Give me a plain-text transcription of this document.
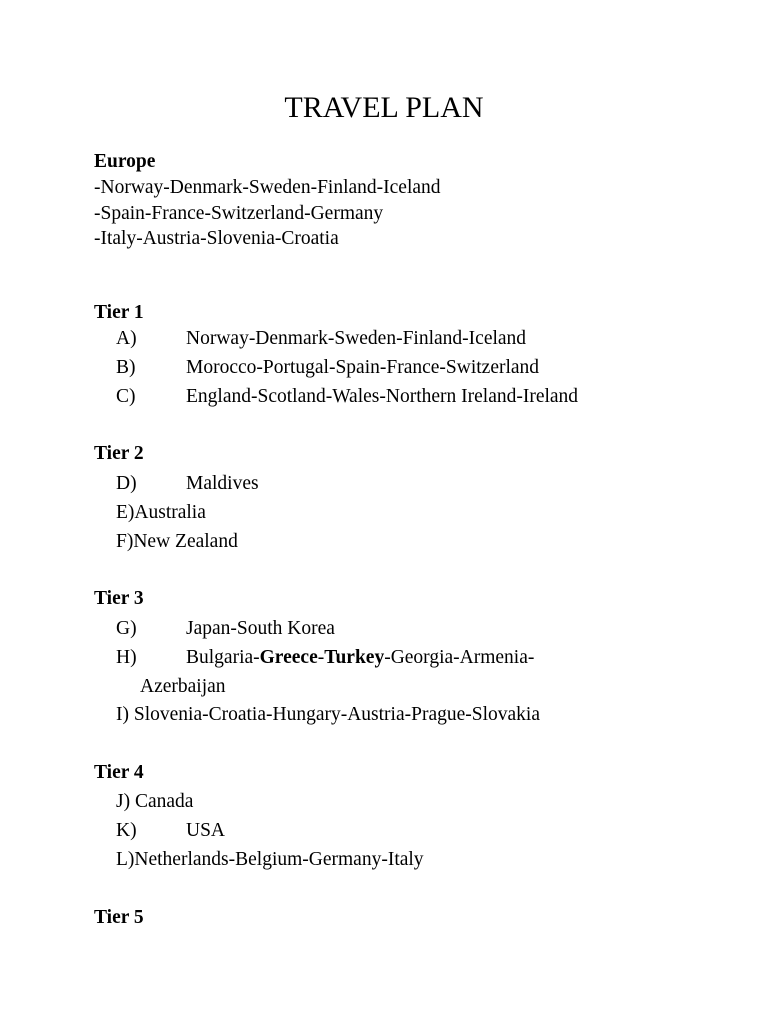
TRAVEL PLAN
Europe
-Norway-Denmark-Sweden-Finland-Iceland
-Spain-France-Switzerland-Germany
-Italy-Austria-Slovenia-Croatia
Tier 1
A)	Norway-Denmark-Sweden-Finland-Iceland
B)	Morocco-Portugal-Spain-France-Switzerland
C)	England-Scotland-Wales-Northern Ireland-Ireland
Tier 2
D)	Maldives
E)Australia
F)New Zealand
Tier 3
G)	Japan-South Korea
H)	Bulgaria-Greece-Turkey-Georgia-Armenia-
Azerbaijan
I) Slovenia-Croatia-Hungary-Austria-Prague-Slovakia
Tier 4
J) Canada
K)	USA
L)Netherlands-Belgium-Germany-Italy
Tier 5
